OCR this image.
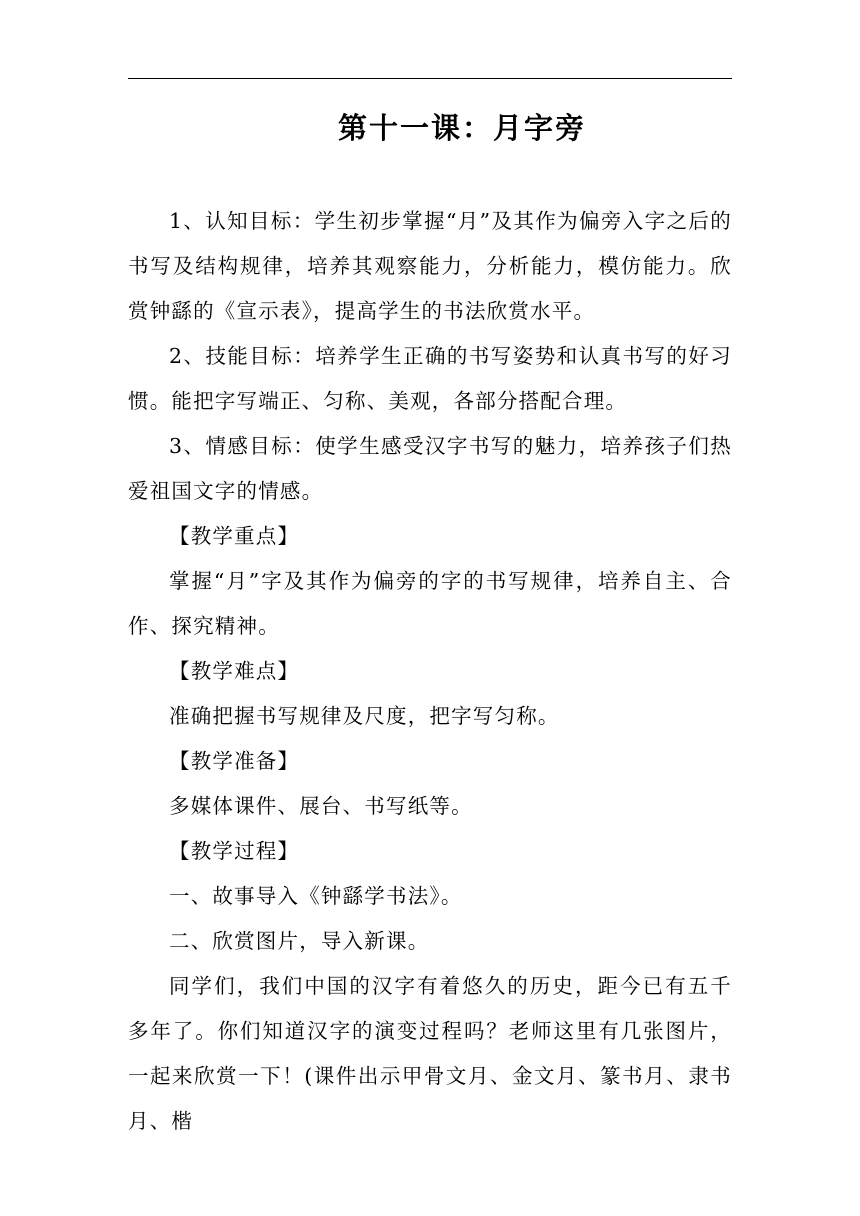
第十一课：月字旁

1、认知目标：学生初步掌握“月”及其作为偏旁入字之后的书写及结构规律，培养其观察能力，分析能力，模仿能力。欣赏钟繇的《宣示表》，提高学生的书法欣赏水平。

2、技能目标：培养学生正确的书写姿势和认真书写的好习惯。能把字写端正、匀称、美观，各部分搭配合理。

3、情感目标：使学生感受汉字书写的魅力，培养孩子们热爱祖国文字的情感。

【教学重点】

掌握“月”字及其作为偏旁的字的书写规律，培养自主、合作、探究精神。

【教学难点】

准确把握书写规律及尺度，把字写匀称。

【教学准备】

多媒体课件、展台、书写纸等。

【教学过程】

一、故事导入《钟繇学书法》。

二、欣赏图片，导入新课。

同学们，我们中国的汉字有着悠久的历史，距今已有五千多年了。你们知道汉字的演变过程吗？老师这里有几张图片，一起来欣赏一下！(课件出示甲骨文月、金文月、篆书月、隶书月、楷
